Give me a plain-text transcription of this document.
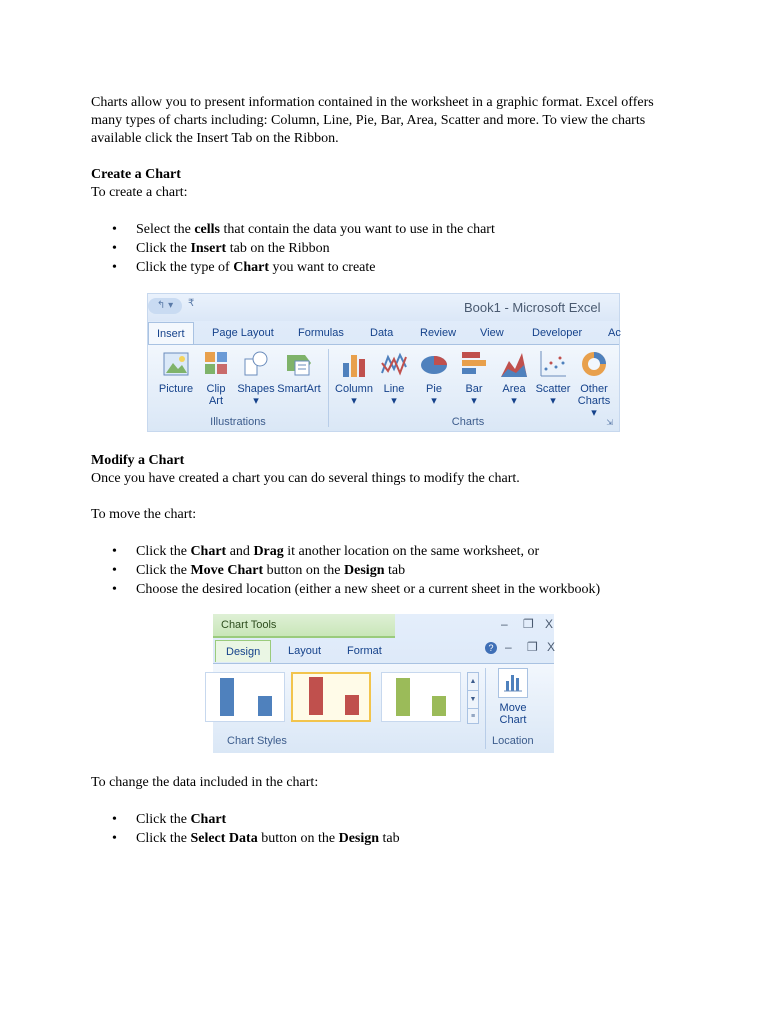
Charts allow you to present information contained in the worksheet in a graphic format. Excel offers many types of charts including: Column, Line, Pie, Bar, Area, Scatter and more. To view the charts available click the Insert Tab on the Ribbon.

Create a Chart
To create a chart:
• Select the cells that contain the data you want to use in the chart
• Click the Insert tab on the Ribbon
• Click the type of Chart you want to create
↰ ▾	₹	Book1 - Microsoft Excel
Insert	Page Layout Formulas Data Review View	Developer Ac
Picture	Clip
Art
Shapes
▾
SmartArt
Illustrations
Column
▾
Line
▾
Pie
▾
Bar
▾
Area
▾
Scatter
▾
Other
Charts ▾
Charts	⇲
Modify a Chart
Once you have created a chart you can do several things to modify the chart.
To move the chart:
• Click the Chart and Drag it another location on the same worksheet, or
• Click the Move Chart button on the Design tab
• Choose the desired location (either a new sheet or a current sheet in the workbook)
Chart Tools	– ❐ X
? – ❐ X
Design	Layout Format
▲
▼
≡
Move
Chart
Chart Styles	Location
To change the data included in the chart:
• Click the Chart
• Click the Select Data button on the Design tab
